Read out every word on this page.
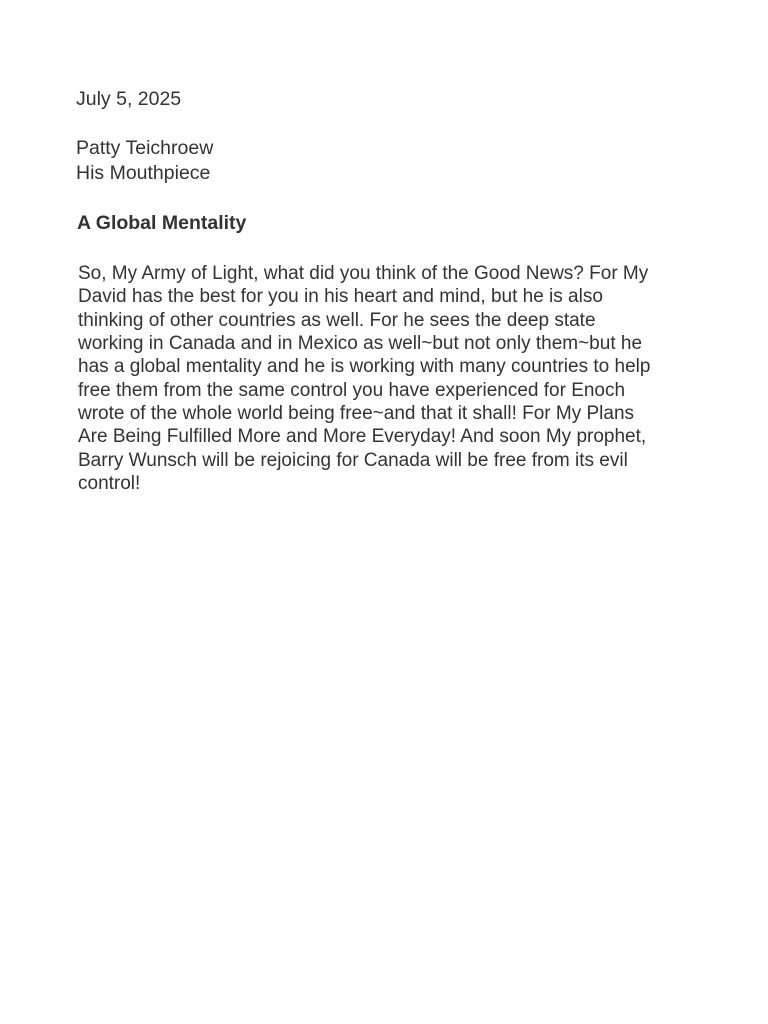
July 5, 2025

Patty Teichroew
His Mouthpiece
A Global Mentality
So, My Army of Light, what did you think of the Good News? For My
David has the best for you in his heart and mind, but he is also
thinking of other countries as well. For he sees the deep state
working in Canada and in Mexico as well~but not only them~but he
has a global mentality and he is working with many countries to help
free them from the same control you have experienced for Enoch
wrote of the whole world being free~and that it shall! For My Plans
Are Being Fulfilled More and More Everyday! And soon My prophet,
Barry Wunsch will be rejoicing for Canada will be free from its evil
control!
